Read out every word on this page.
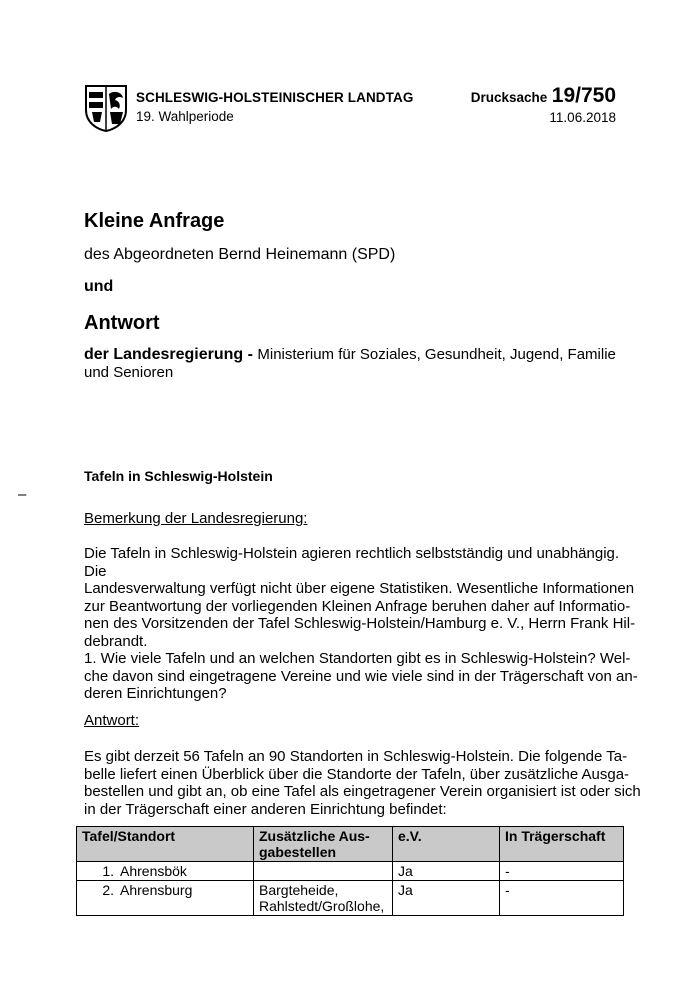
SCHLESWIG-HOLSTEINISCHER LANDTAG
19. Wahlperiode
Drucksache 19/750
11.06.2018
Kleine Anfrage
des Abgeordneten Bernd Heinemann (SPD)
und
Antwort
der Landesregierung - Ministerium für Soziales, Gesundheit, Jugend, Familie
und Senioren
Tafeln in Schleswig-Holstein
–
Bemerkung der Landesregierung:
Die Tafeln in Schleswig-Holstein agieren rechtlich selbstständig und unabhängig. Die
Landesverwaltung verfügt nicht über eigene Statistiken. Wesentliche Informationen
zur Beantwortung der vorliegenden Kleinen Anfrage beruhen daher auf Informatio-
nen des Vorsitzenden der Tafel Schleswig-Holstein/Hamburg e. V., Herrn Frank Hil-
debrandt.
1. Wie viele Tafeln und an welchen Standorten gibt es in Schleswig-Holstein? Wel-
che davon sind eingetragene Vereine und wie viele sind in der Trägerschaft von an-
deren Einrichtungen?
Antwort:
Es gibt derzeit 56 Tafeln an 90 Standorten in Schleswig-Holstein. Die folgende Ta-
belle liefert einen Überblick über die Standorte der Tafeln, über zusätzliche Ausga-
bestellen und gibt an, ob eine Tafel als eingetragener Verein organisiert ist oder sich
in der Trägerschaft einer anderen Einrichtung befindet:
Tafel/Standort	Zusätzliche Aus-
gabestellen	e.V.	In Trägerschaft
1. Ahrensbök		Ja	-
2. Ahrensburg	Bargteheide,
Rahlstedt/Großlohe,	Ja	-
